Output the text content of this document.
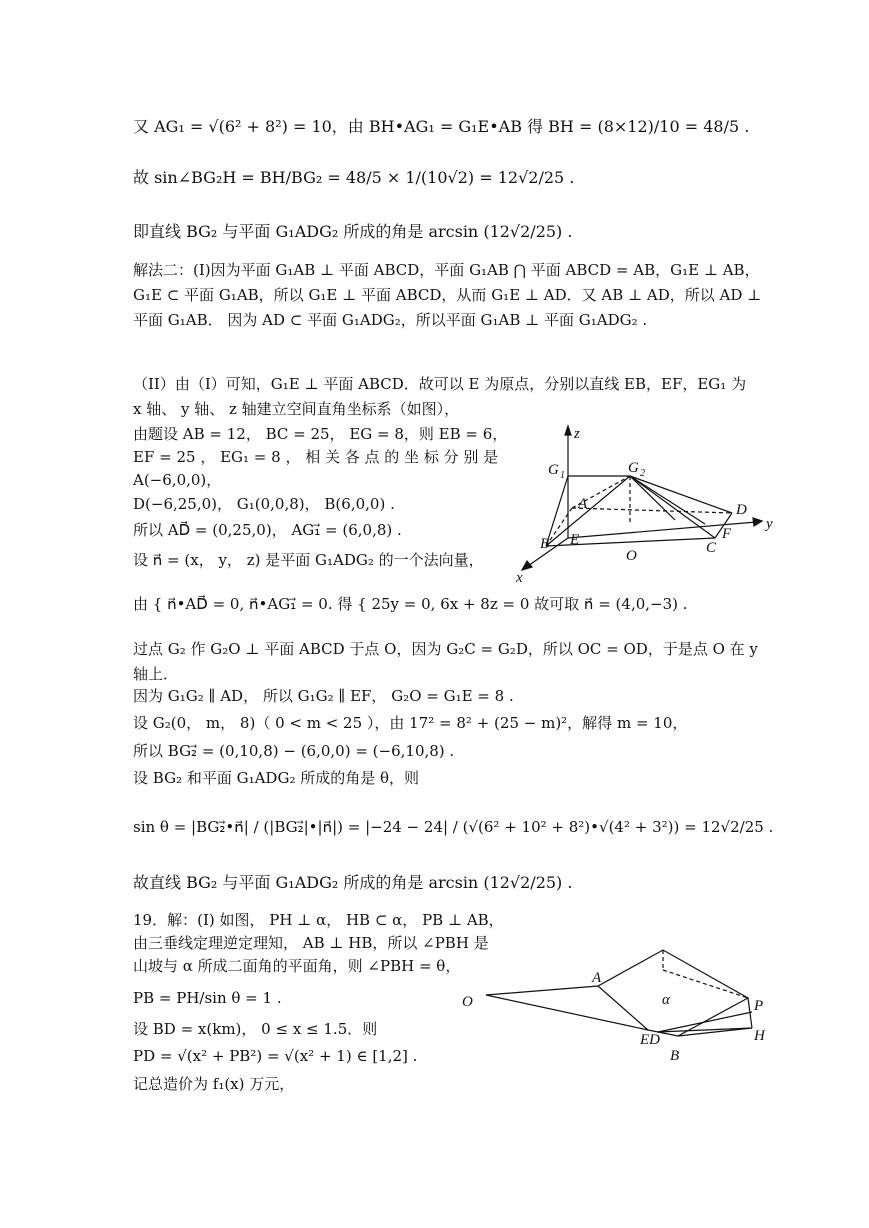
又 AG₁ = √(6² + 8²) = 10，由 BH•AG₁ = G₁E•AB 得 BH = (8×12)/10 = 48/5 .
故 sin∠BG₂H = BH/BG₂ = 48/5 × 1/(10√2) = 12√2/25 .
即直线 BG₂ 与平面 G₁ADG₂ 所成的角是 arcsin (12√2/25) .
解法二：(I)因为平面 G₁AB ⊥ 平面 ABCD，平面 G₁AB ⋂ 平面 ABCD = AB，G₁E ⊥ AB，
G₁E ⊂ 平面 G₁AB，所以 G₁E ⊥ 平面 ABCD，从而 G₁E ⊥ AD．又 AB ⊥ AD，所以 AD ⊥
平面 G₁AB． 因为 AD ⊂ 平面 G₁ADG₂，所以平面 G₁AB ⊥ 平面 G₁ADG₂ .
（II）由（I）可知，G₁E ⊥ 平面 ABCD．故可以 E 为原点，分别以直线 EB，EF，EG₁ 为
x 轴、 y 轴、 z 轴建立空间直角坐标系（如图），
由题设 AB = 12， BC = 25， EG = 8，则 EB = 6，
EF = 25 ， EG₁ = 8 ， 相 关 各 点 的 坐 标 分 别 是
A(−6,0,0)，
D(−6,25,0)， G₁(0,0,8)， B(6,0,0) .
所以 AD⃗ = (0,25,0)， AG₁⃗ = (6,0,8) .
设 n⃗ = (x， y， z) 是平面 G₁ADG₂ 的一个法向量，
由 { n⃗•AD⃗ = 0, n⃗•AG₁⃗ = 0. 得 { 25y = 0, 6x + 8z = 0 故可取 n⃗ = (4,0,−3) .
过点 G₂ 作 G₂O ⊥ 平面 ABCD 于点 O，因为 G₂C = G₂D，所以 OC = OD，于是点 O 在 y
轴上．
因为 G₁G₂ ∥ AD， 所以 G₁G₂ ∥ EF， G₂O = G₁E = 8 .
设 G₂(0， m， 8)（ 0 < m < 25 ），由 17² = 8² + (25 − m)²，解得 m = 10，
所以 BG₂⃗ = (0,10,8) − (6,0,0) = (−6,10,8) .
设 BG₂ 和平面 G₁ADG₂ 所成的角是 θ，则
sin θ = |BG₂⃗•n⃗| / (|BG₂⃗|•|n⃗|) = |−24 − 24| / (√(6² + 10² + 8²)•√(4² + 3²)) = 12√2/25 .
故直线 BG₂ 与平面 G₁ADG₂ 所成的角是 arcsin (12√2/25) .
19．解：(I) 如图， PH ⊥ α， HB ⊂ α， PB ⊥ AB，
由三垂线定理逆定理知， AB ⊥ HB，所以 ∠PBH 是
山坡与 α 所成二面角的平面角，则 ∠PBH = θ，
PB = PH/sin θ = 1 .
设 BD = x(km)， 0 ≤ x ≤ 1.5．则
PD = √(x² + PB²) = √(x² + 1) ∈ [1,2] .
记总造价为 f₁(x) 万元，
z
y
x
G 1	G 2
A	D
F
B E
O	C
A
α
O	P
ED	H
B
